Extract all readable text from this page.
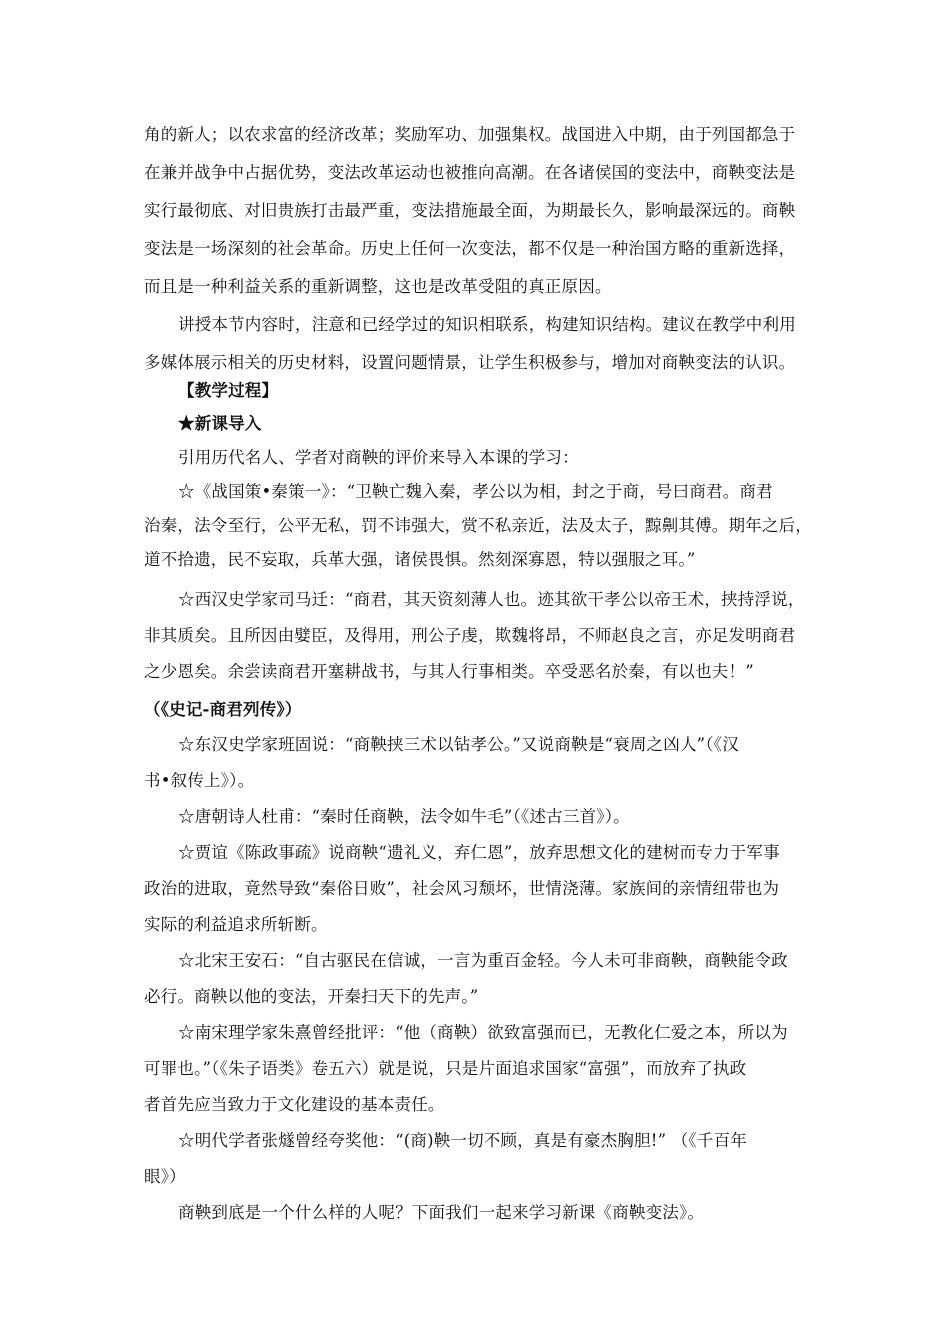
角的新人；以农求富的经济改革；奖励军功、加强集权。战国进入中期，由于列国都急于
在兼并战争中占据优势，变法改革运动也被推向高潮。在各诸侯国的变法中，商鞅变法是
实行最彻底、对旧贵族打击最严重，变法措施最全面，为期最长久，影响最深远的。商鞅
变法是一场深刻的社会革命。历史上任何一次变法，都不仅是一种治国方略的重新选择，
而且是一种利益关系的重新调整，这也是改革受阻的真正原因。
讲授本节内容时，注意和已经学过的知识相联系，构建知识结构。建议在教学中利用
多媒体展示相关的历史材料，设置问题情景，让学生积极参与，增加对商鞅变法的认识。
【教学过程】
★新课导入
引用历代名人、学者对商鞅的评价来导入本课的学习：
☆《战国策•秦策一》：“卫鞅亡魏入秦，孝公以为相，封之于商，号曰商君。商君
治秦，法令至行，公平无私，罚不讳强大，赏不私亲近，法及太子，黥劓其傅。期年之后，
道不拾遗，民不妄取，兵革大强，诸侯畏惧。然刻深寡恩，特以强服之耳。”
☆西汉史学家司马迁：“商君，其天资刻薄人也。迹其欲干孝公以帝王术，挟持浮说，
非其质矣。且所因由嬖臣，及得用，刑公子虔，欺魏将昂，不师赵良之言，亦足发明商君
之少恩矣。余尝读商君开塞耕战书，与其人行事相类。卒受恶名於秦，有以也夫！”
（《史记-商君列传》）
☆东汉史学家班固说：“商鞅挟三术以钻孝公。”又说商鞅是“衰周之凶人”（《汉
书•叙传上》）。
☆唐朝诗人杜甫：“秦时任商鞅，法令如牛毛”（《述古三首》）。
☆贾谊《陈政事疏》说商鞅“遗礼义，弃仁恩”，放弃思想文化的建树而专力于军事
政治的进取，竟然导致“秦俗日败”，社会风习颓坏，世情浇薄。家族间的亲情纽带也为
实际的利益追求所斩断。
☆北宋王安石：“自古驱民在信诚，一言为重百金轻。今人未可非商鞅，商鞅能令政
必行。商鞅以他的变法，开秦扫天下的先声。”
☆南宋理学家朱熹曾经批评：“他（商鞅）欲致富强而已，无教化仁爱之本，所以为
可罪也。”（《朱子语类》卷五六）就是说，只是片面追求国家“富强”，而放弃了执政
者首先应当致力于文化建设的基本责任。
☆明代学者张燧曾经夸奖他：“(商)鞅一切不顾，真是有豪杰胸胆!” （《千百年
眼》）
商鞅到底是一个什么样的人呢？下面我们一起来学习新课《商鞅变法》。
